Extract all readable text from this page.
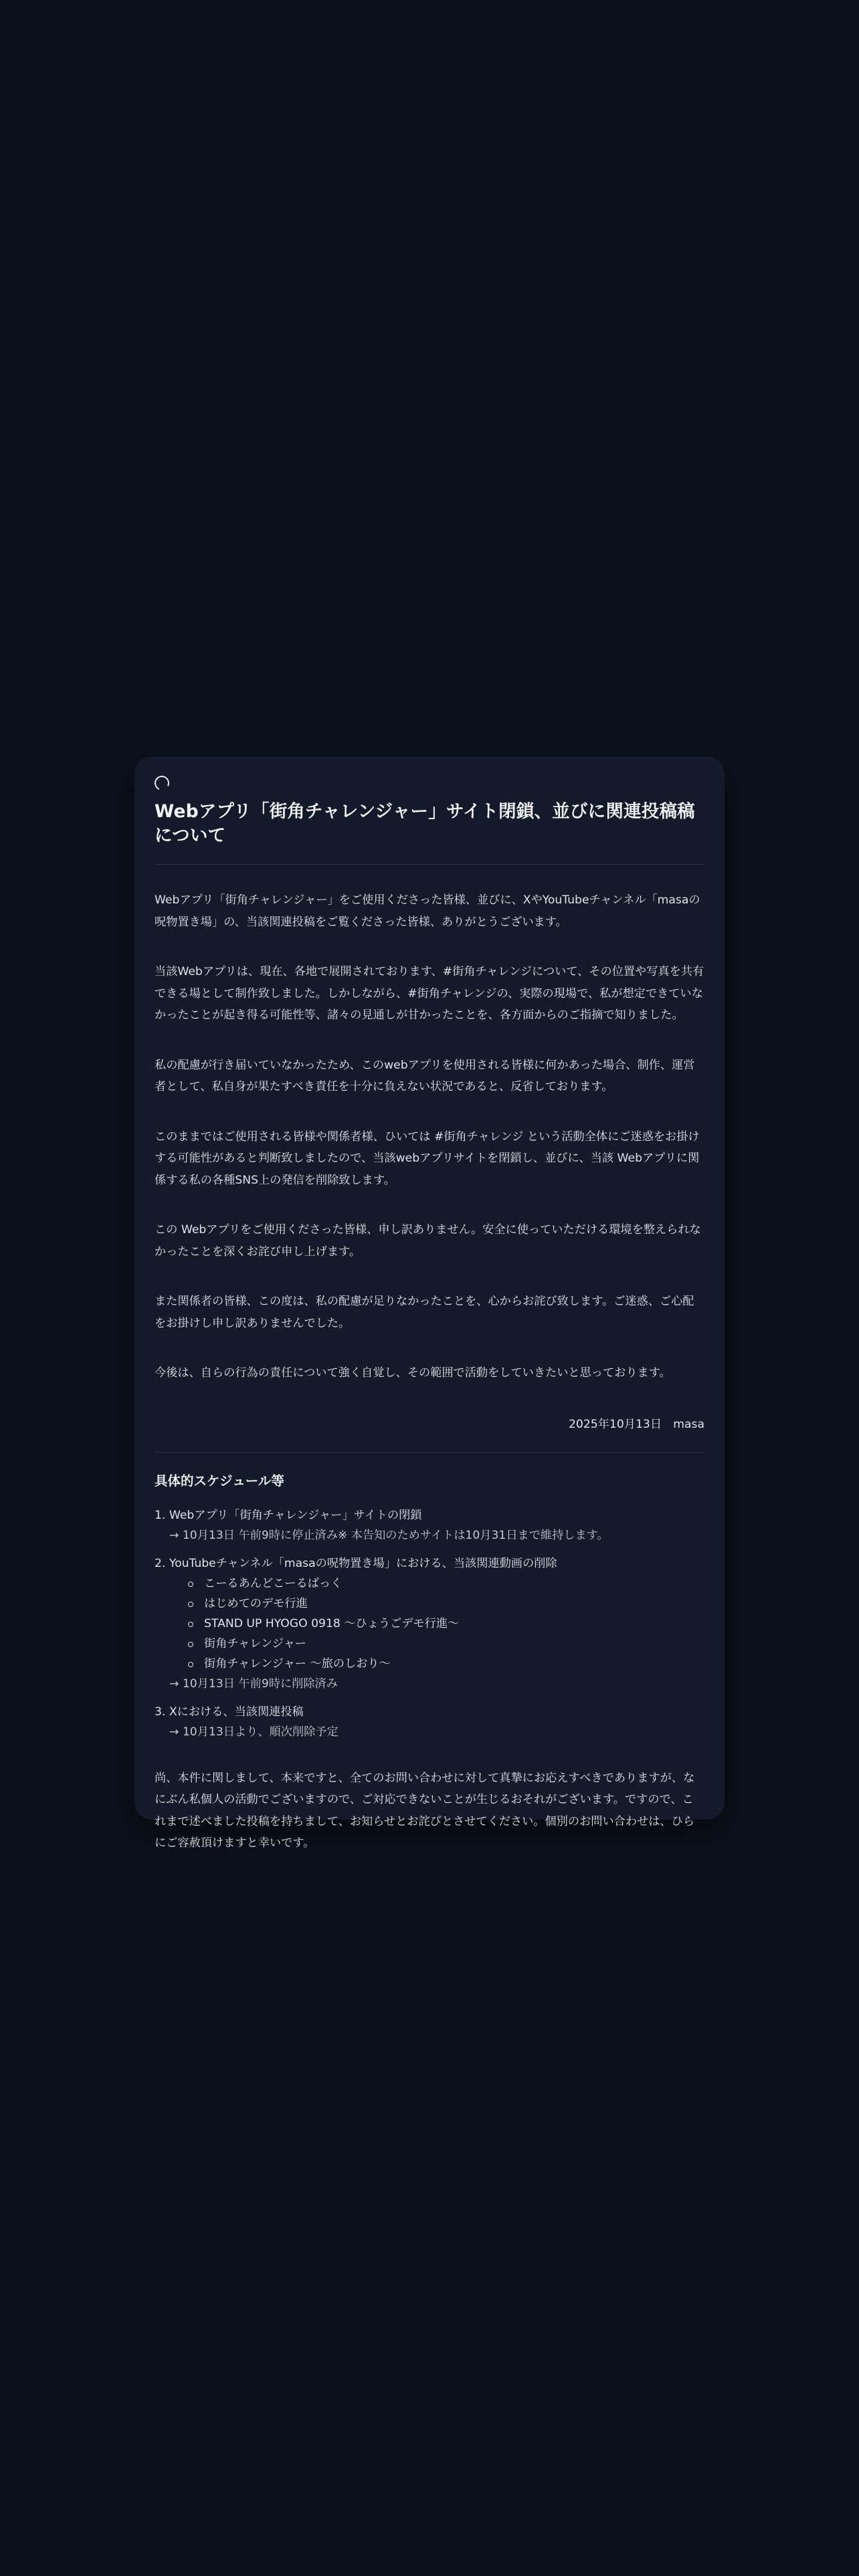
Webアプリ「街角チャレンジャー」サイト閉鎖、並びに関連投稿稿について

Webアプリ「街角チャレンジャー」をご使用くださった皆様、並びに、XやYouTubeチャンネル「masaの呪物置き場」の、当該関連投稿をご覧くださった皆様、ありがとうございます。

当該Webアプリは、現在、各地で展開されております、#街角チャレンジについて、その位置や写真を共有できる場として制作致しました。しかしながら、#街角チャレンジの、実際の現場で、私が想定できていなかったことが起き得る可能性等、諸々の見通しが甘かったことを、各方面からのご指摘で知りました。

私の配慮が行き届いていなかったため、このwebアプリを使用される皆様に何かあった場合、制作、運営者として、私自身が果たすべき責任を十分に負えない状況であると、反省しております。

このままではご使用される皆様や関係者様、ひいては #街角チャレンジ という活動全体にご迷惑をお掛けする可能性があると判断致しましたので、当該webアプリサイトを閉鎖し、並びに、当該 Webアプリに関係する私の各種SNS上の発信を削除致します。

この Webアプリをご使用くださった皆様、申し訳ありません。安全に使っていただける環境を整えられなかったことを深くお詫び申し上げます。

また関係者の皆様、この度は、私の配慮が足りなかったことを、心からお詫び致します。ご迷惑、ご心配をお掛けし申し訳ありませんでした。

今後は、自らの行為の責任について強く自覚し、その範囲で活動をしていきたいと思っております。

2025年10月13日　masa
具体的スケジュール等
1. Webアプリ「街角チャレンジャー」サイトの閉鎖
→ 10月13日 午前9時に停止済み※ 本告知のためサイトは10月31日まで維持します。
2. YouTubeチャンネル「masaの呪物置き場」における、当該関連動画の削除
こーるあんどこーるばっく
はじめてのデモ行進
STAND UP HYOGO 0918 〜ひょうごデモ行進〜
街角チャレンジャー
街角チャレンジャー 〜旅のしおり〜
→ 10月13日 午前9時に削除済み
3. Xにおける、当該関連投稿
→ 10月13日より、順次削除予定

尚、本件に関しまして、本来ですと、全てのお問い合わせに対して真摯にお応えすべきでありますが、なにぶん私個人の活動でございますので、ご対応できないことが生じるおそれがございます。ですので、これまで述べました投稿を持ちまして、お知らせとお詫びとさせてください。個別のお問い合わせは、ひらにご容赦頂けますと幸いです。
